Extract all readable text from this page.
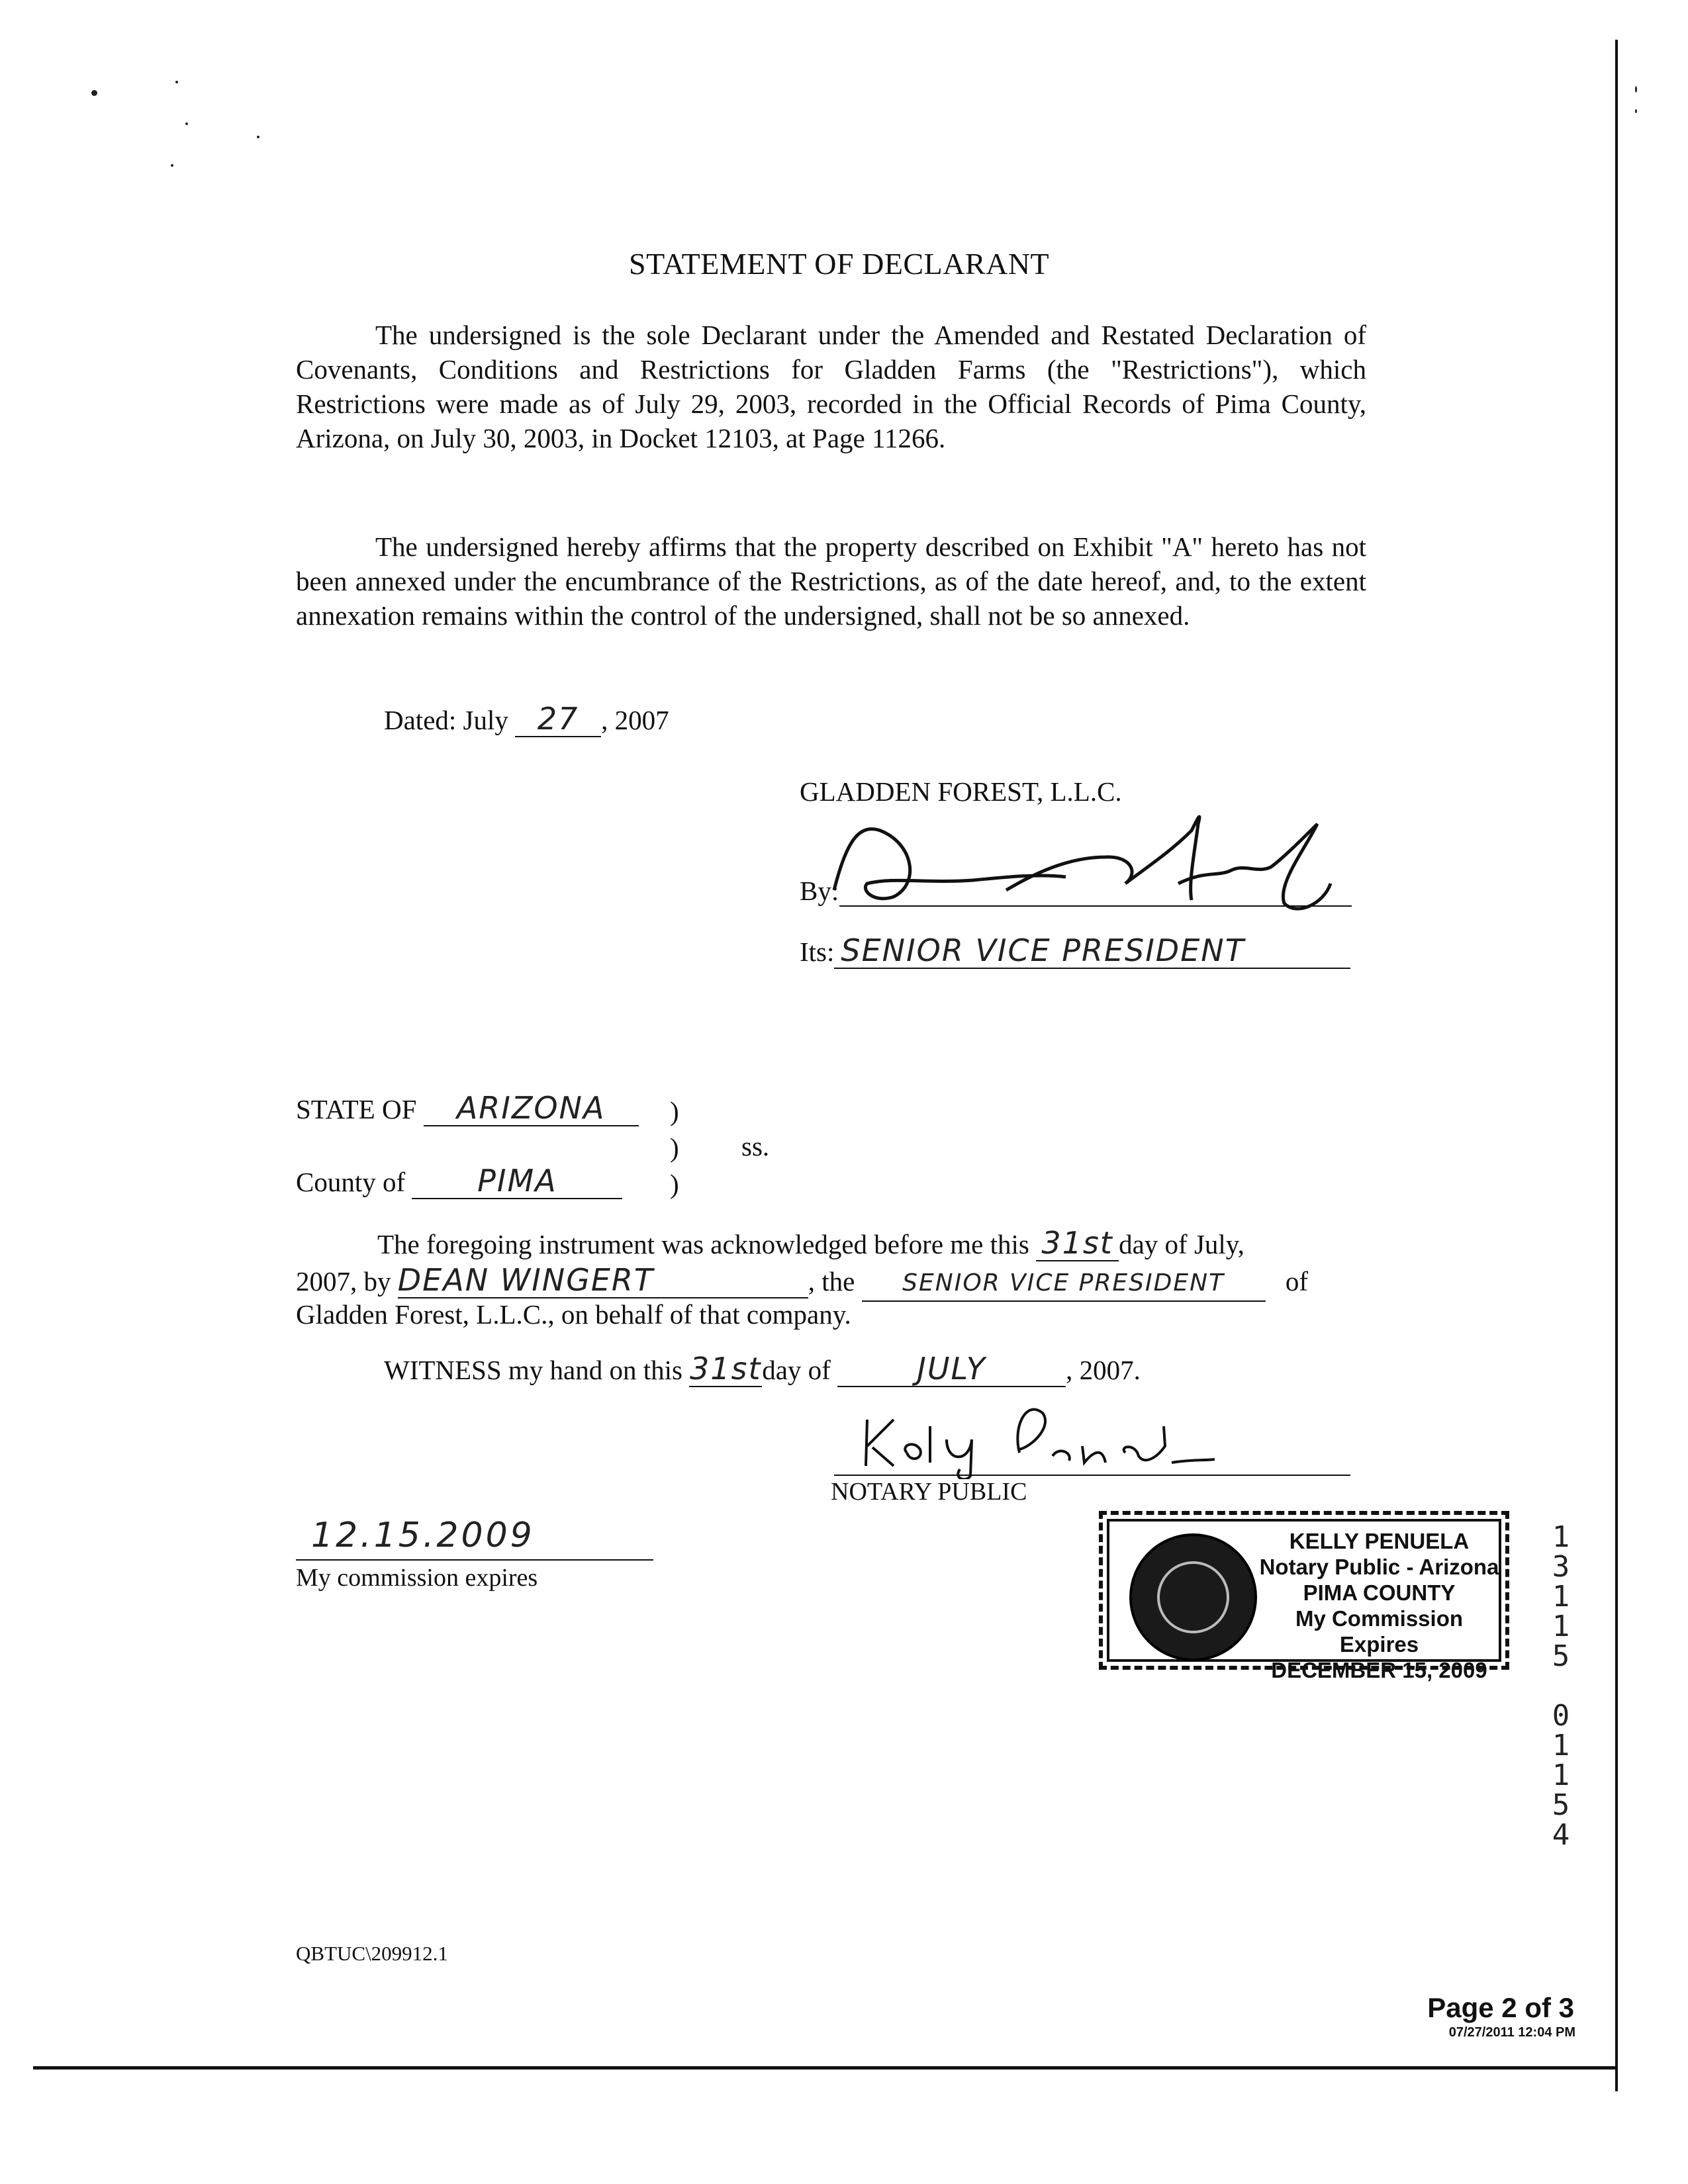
STATEMENT OF DECLARANT
The undersigned is the sole Declarant under the Amended and Restated Declaration of Covenants, Conditions and Restrictions for Gladden Farms (the "Restrictions"), which Restrictions were made as of July 29, 2003, recorded in the Official Records of Pima County, Arizona, on July 30, 2003, in Docket 12103, at Page 11266.
The undersigned hereby affirms that the property described on Exhibit "A" hereto has not been annexed under the encumbrance of the Restrictions, as of the date hereof, and, to the extent annexation remains within the control of the undersigned, shall not be so annexed.
Dated: July 27 , 2007
GLADDEN FOREST, L.L.C.
By:
Its: SENIOR VICE PRESIDENT
STATE OF ARIZONA	)
)
)
ss.
County of PIMA
The foregoing instrument was acknowledged before me this 31st day of July,
2007, by DEAN WINGERT	, the SENIOR VICE PRESIDENT of
Gladden Forest, L.L.C., on behalf of that company.
WITNESS my hand on this 31stday of	JULY	, 2007.
NOTARY PUBLIC
12.15.2009
My commission expires
KELLY PENUELA
Notary Public - Arizona
PIMA COUNTY
My Commission Expires
DECEMBER 15, 2009
1
3
1
1
5

0
1
1
5
4
QBTUC\209912.1
Page 2 of 3
07/27/2011 12:04 PM
